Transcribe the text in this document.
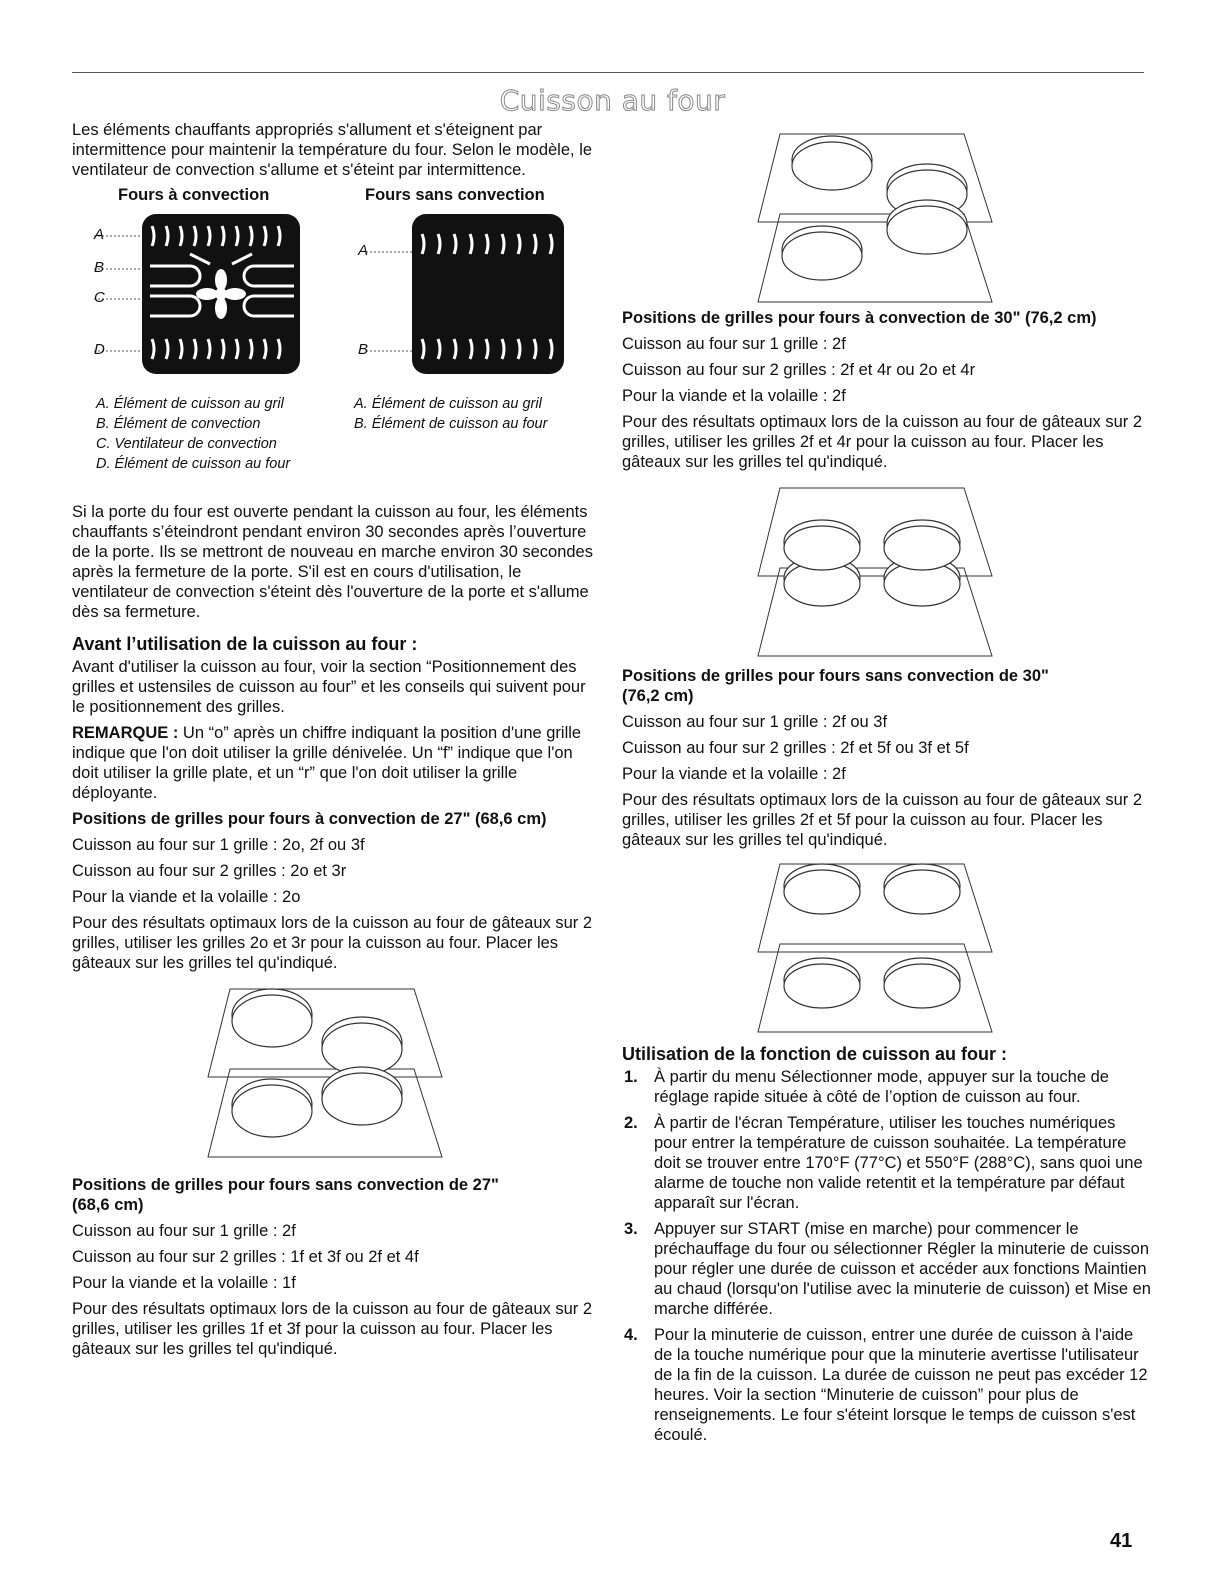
Cuisson au four

Les éléments chauffants appropriés s'allument et s'éteignent par intermittence pour maintenir la température du four. Selon le modèle, le ventilateur de convection s'allume et s'éteint par intermittence.

Fours à convection	Fours sans convection
A
B
C
D
A
B

A. Élément de cuisson au gril

B. Élément de convection

C. Ventilateur de convection

D. Élément de cuisson au four

A. Élément de cuisson au gril

B. Élément de cuisson au four

Si la porte du four est ouverte pendant la cuisson au four, les éléments chauffants s’éteindront pendant environ 30 secondes après l’ouverture de la porte. Ils se mettront de nouveau en marche environ 30 secondes après la fermeture de la porte. S'il est en cours d'utilisation, le ventilateur de convection s'éteint dès l'ouverture de la porte et s'allume dès sa fermeture.

Avant l’utilisation de la cuisson au four :

Avant d'utiliser la cuisson au four, voir la section “Positionnement des grilles et ustensiles de cuisson au four” et les conseils qui suivent pour le positionnement des grilles.

REMARQUE : Un “o” après un chiffre indiquant la position d'une grille indique que l'on doit utiliser la grille dénivelée. Un “f” indique que l'on doit utiliser la grille plate, et un “r” que l'on doit utiliser la grille déployante.

Positions de grilles pour fours à convection de 27" (68,6 cm)

Cuisson au four sur 1 grille : 2o, 2f ou 3f

Cuisson au four sur 2 grilles : 2o et 3r

Pour la viande et la volaille : 2o

Pour des résultats optimaux lors de la cuisson au four de gâteaux sur 2 grilles, utiliser les grilles 2o et 3r pour la cuisson au four. Placer les gâteaux sur les grilles tel qu'indiqué.

Positions de grilles pour fours sans convection de 27" (68,6 cm)

Cuisson au four sur 1 grille : 2f

Cuisson au four sur 2 grilles : 1f et 3f ou 2f et 4f

Pour la viande et la volaille : 1f

Pour des résultats optimaux lors de la cuisson au four de gâteaux sur 2 grilles, utiliser les grilles 1f et 3f pour la cuisson au four. Placer les gâteaux sur les grilles tel qu'indiqué.

Positions de grilles pour fours à convection de 30" (76,2 cm)

Cuisson au four sur 1 grille : 2f

Cuisson au four sur 2 grilles : 2f et 4r ou 2o et 4r

Pour la viande et la volaille : 2f

Pour des résultats optimaux lors de la cuisson au four de gâteaux sur 2 grilles, utiliser les grilles 2f et 4r pour la cuisson au four. Placer les gâteaux sur les grilles tel qu'indiqué.

Positions de grilles pour fours sans convection de 30" (76,2 cm)

Cuisson au four sur 1 grille : 2f ou 3f

Cuisson au four sur 2 grilles : 2f et 5f ou 3f et 5f

Pour la viande et la volaille : 2f

Pour des résultats optimaux lors de la cuisson au four de gâteaux sur 2 grilles, utiliser les grilles 2f et 5f pour la cuisson au four. Placer les gâteaux sur les grilles tel qu'indiqué.

Utilisation de la fonction de cuisson au four :
1. À partir du menu Sélectionner mode, appuyer sur la touche de réglage rapide située à côté de l’option de cuisson au four.
2. À partir de l'écran Température, utiliser les touches numériques pour entrer la température de cuisson souhaitée. La température doit se trouver entre 170°F (77°C) et 550°F (288°C), sans quoi une alarme de touche non valide retentit et la température par défaut apparaît sur l'écran.
3. Appuyer sur START (mise en marche) pour commencer le préchauffage du four ou sélectionner Régler la minuterie de cuisson pour régler une durée de cuisson et accéder aux fonctions Maintien au chaud (lorsqu'on l'utilise avec la minuterie de cuisson) et Mise en marche différée.
4. Pour la minuterie de cuisson, entrer une durée de cuisson à l'aide de la touche numérique pour que la minuterie avertisse l'utilisateur de la fin de la cuisson. La durée de cuisson ne peut pas excéder 12 heures. Voir la section “Minuterie de cuisson” pour plus de renseignements. Le four s'éteint lorsque le temps de cuisson s'est écoulé.
41
